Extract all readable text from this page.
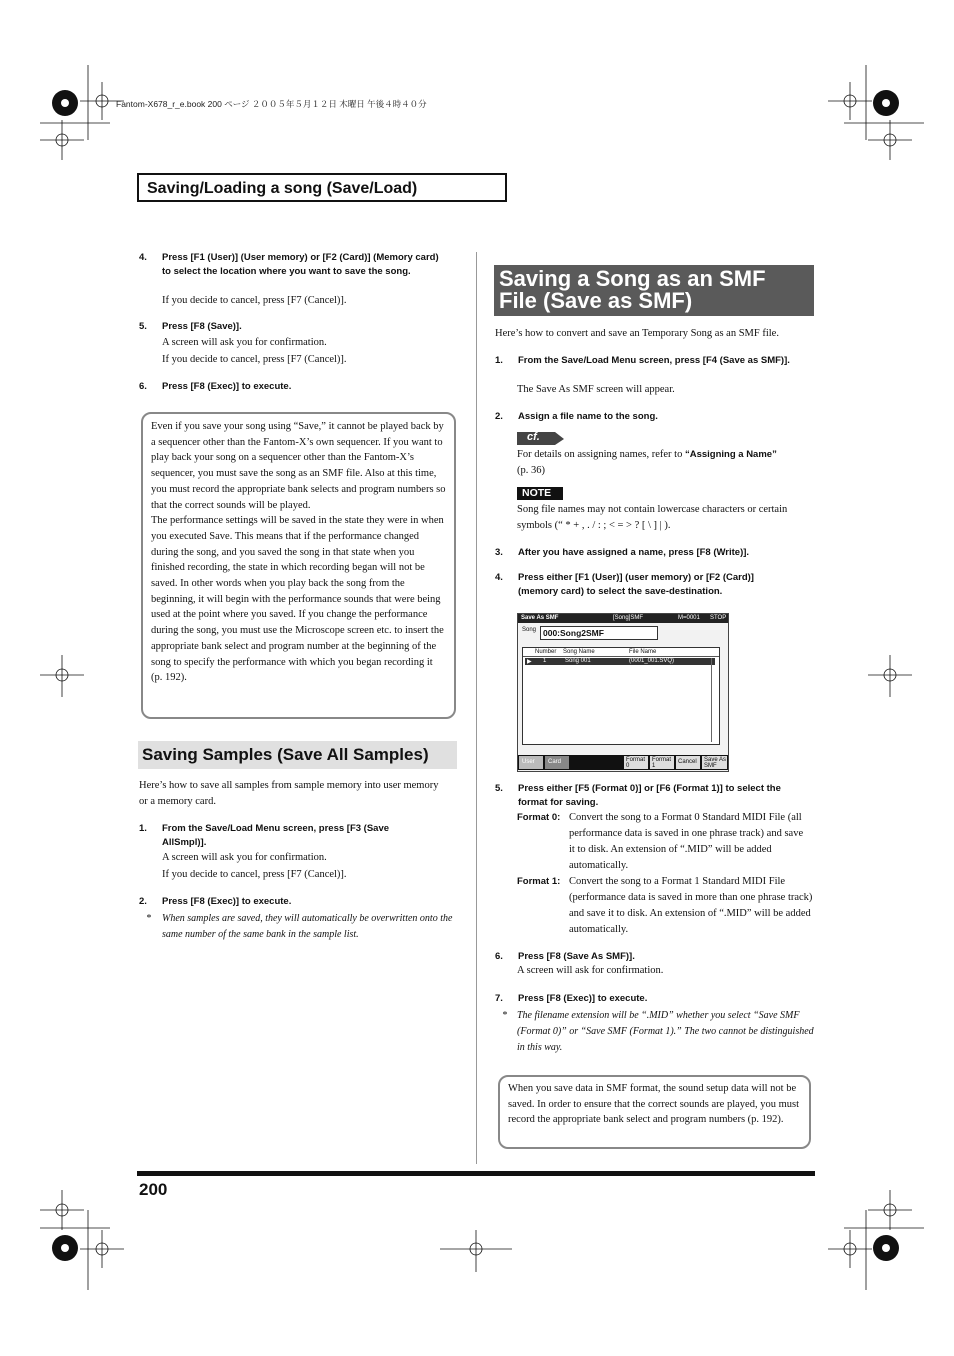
Fantom-X678_r_e.book 200 ページ ２００５年５月１２日 木曜日 午後４時４０分
Saving/Loading a song (Save/Load)
4. Press [F1 (User)] (User memory) or [F2 (Card)] (Memory card) to select the location where you want to save the song.
If you decide to cancel, press [F7 (Cancel)].
5. Press [F8 (Save)].
A screen will ask you for confirmation.
If you decide to cancel, press [F7 (Cancel)].
6. Press [F8 (Exec)] to execute.

Even if you save your song using “Save,” it cannot be played back by a sequencer other than the Fantom-X’s own sequencer. If you want to play back your song on a sequencer other than the Fantom-X’s sequencer, you must save the song as an SMF file. Also at this time, you must record the appropriate bank selects and program numbers so that the correct sounds will be played.

The performance settings will be saved in the state they were in when you executed Save. This means that if the performance changed during the song, and you saved the song in that state when you finished recording, the state in which recording began will not be saved. In other words when you play back the song from the beginning, it will begin with the performance sounds that were being used at the point where you saved. If you change the performance during the song, you must use the Microscope screen etc. to insert the appropriate bank select and program number at the beginning of the song to specify the performance with which you began recording it (p. 192).

Saving Samples (Save All Samples)
Here’s how to save all samples from sample memory into user memory or a memory card.
1. From the Save/Load Menu screen, press [F3 (Save AllSmpl)].
A screen will ask you for confirmation.
If you decide to cancel, press [F7 (Cancel)].
2. Press [F8 (Exec)] to execute.
* When samples are saved, they will automatically be overwritten onto the same number of the same bank in the sample list.
Saving a Song as an SMF File (Save as SMF)
Here’s how to convert and save an Temporary Song as an SMF file.
1. From the Save/Load Menu screen, press [F4 (Save as SMF)].
The Save As SMF screen will appear.
2. Assign a file name to the song.
cf.
For details on assigning names, refer to “Assigning a Name”
(p. 36)
NOTE
Song file names may not contain lowercase characters or certain symbols (“ * + , . / : ; < = > ? [ \ ] | ).
3. After you have assigned a name, press [F8 (Write)].
4. Press either [F1 (User)] (user memory) or [F2 (Card)] (memory card) to select the save-destination.
Save As SMF	[Song]SMF	M=0001 STOP
Song 000:Song2SMF
Number Song Name	File Name
▶ 1	Song 001	(0001_001.SVQ)
User Card	Format 0
Format 1
Cancel Save As SMF
5. Press either [F5 (Format 0)] or [F6 (Format 1)] to select the format for saving.
Format 0: Convert the song to a Format 0 Standard MIDI File (all performance data is saved in one phrase track) and save it to disk. An extension of “.MID” will be added automatically.
Format 1: Convert the song to a Format 1 Standard MIDI File (performance data is saved in more than one phrase track) and save it to disk. An extension of “.MID” will be added automatically.
6. Press [F8 (Save As SMF)].
A screen will ask for confirmation.
7. Press [F8 (Exec)] to execute.
* The filename extension will be “.MID” whether you select “Save SMF (Format 0)” or “Save SMF (Format 1).” The two cannot be distinguished in this way.

When you save data in SMF format, the sound setup data will not be saved. In order to ensure that the correct sounds are played, you must record the appropriate bank select and program numbers (p. 192).

200
